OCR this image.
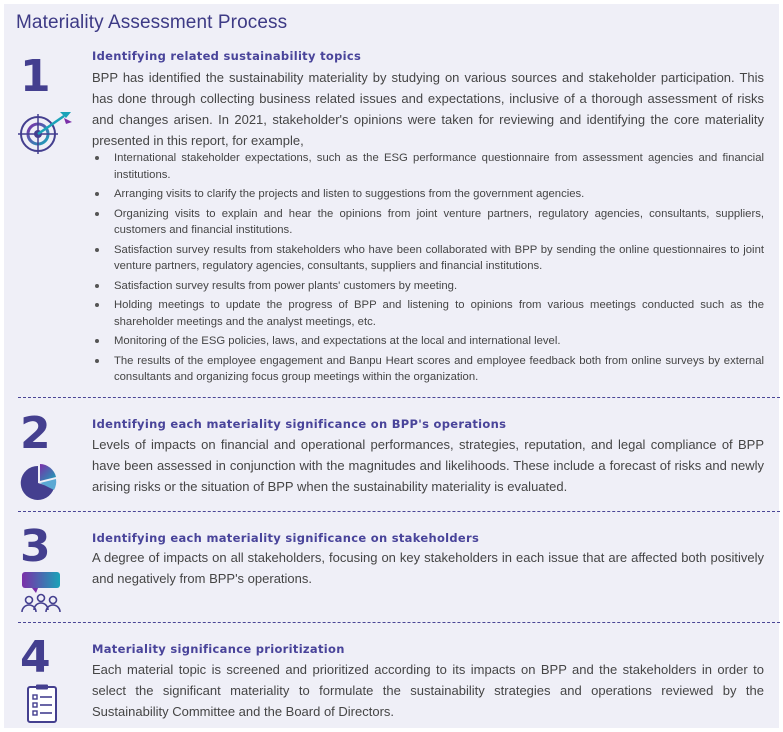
Materiality Assessment Process
1	Identifying related sustainability topics

BPP has identified the sustainability materiality by studying on various sources and stakeholder participation. This has done through collecting business related issues and expectations, inclusive of a thorough assessment of risks and changes arisen. In 2021, stakeholder's opinions were taken for reviewing and identifying the core materiality presented in this report, for example,

International stakeholder expectations, such as the ESG performance questionnaire from assessment agencies and financial institutions.
Arranging visits to clarify the projects and listen to suggestions from the government agencies.
Organizing visits to explain and hear the opinions from joint venture partners, regulatory agencies, consultants, suppliers, customers and financial institutions.
Satisfaction survey results from stakeholders who have been collaborated with BPP by sending the online questionnaires to joint venture partners, regulatory agencies, consultants, suppliers and financial institutions.
Satisfaction survey results from power plants' customers by meeting.
Holding meetings to update the progress of BPP and listening to opinions from various meetings conducted such as the shareholder meetings and the analyst meetings, etc.
Monitoring of the ESG policies, laws, and expectations at the local and international level.
The results of the employee engagement and Banpu Heart scores and employee feedback both from online surveys by external consultants and organizing focus group meetings within the organization.
2	Identifying each materiality significance on BPP's operations

Levels of impacts on financial and operational performances, strategies, reputation, and legal compliance of BPP have been assessed in conjunction with the magnitudes and likelihoods. These include a forecast of risks and newly arising risks or the situation of BPP when the sustainability materiality is evaluated.

3	Identifying each materiality significance on stakeholders

A degree of impacts on all stakeholders, focusing on key stakeholders in each issue that are affected both positively and negatively from BPP's operations.

4	Materiality significance prioritization

Each material topic is screened and prioritized according to its impacts on BPP and the stakeholders in order to select the significant materiality to formulate the sustainability strategies and operations reviewed by the Sustainability Committee and the Board of Directors.
